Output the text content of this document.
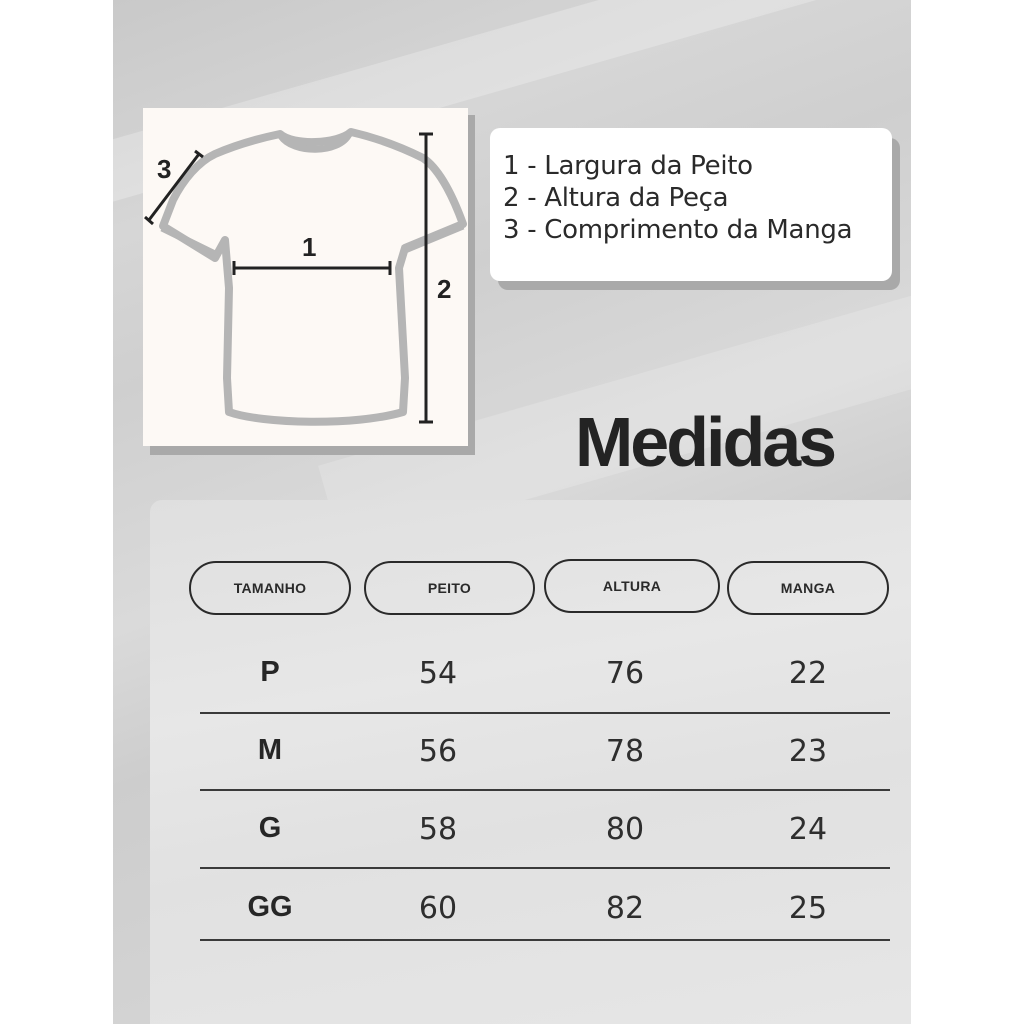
3
1
2
1 - Largura da Peito
2 - Altura da Peça
3 - Comprimento da Manga
Medidas
TAMANHO	PEITO	ALTURA	MANGA
P	54	76	22
M	56	78	23
G	58	80	24
GG	60	82	25
